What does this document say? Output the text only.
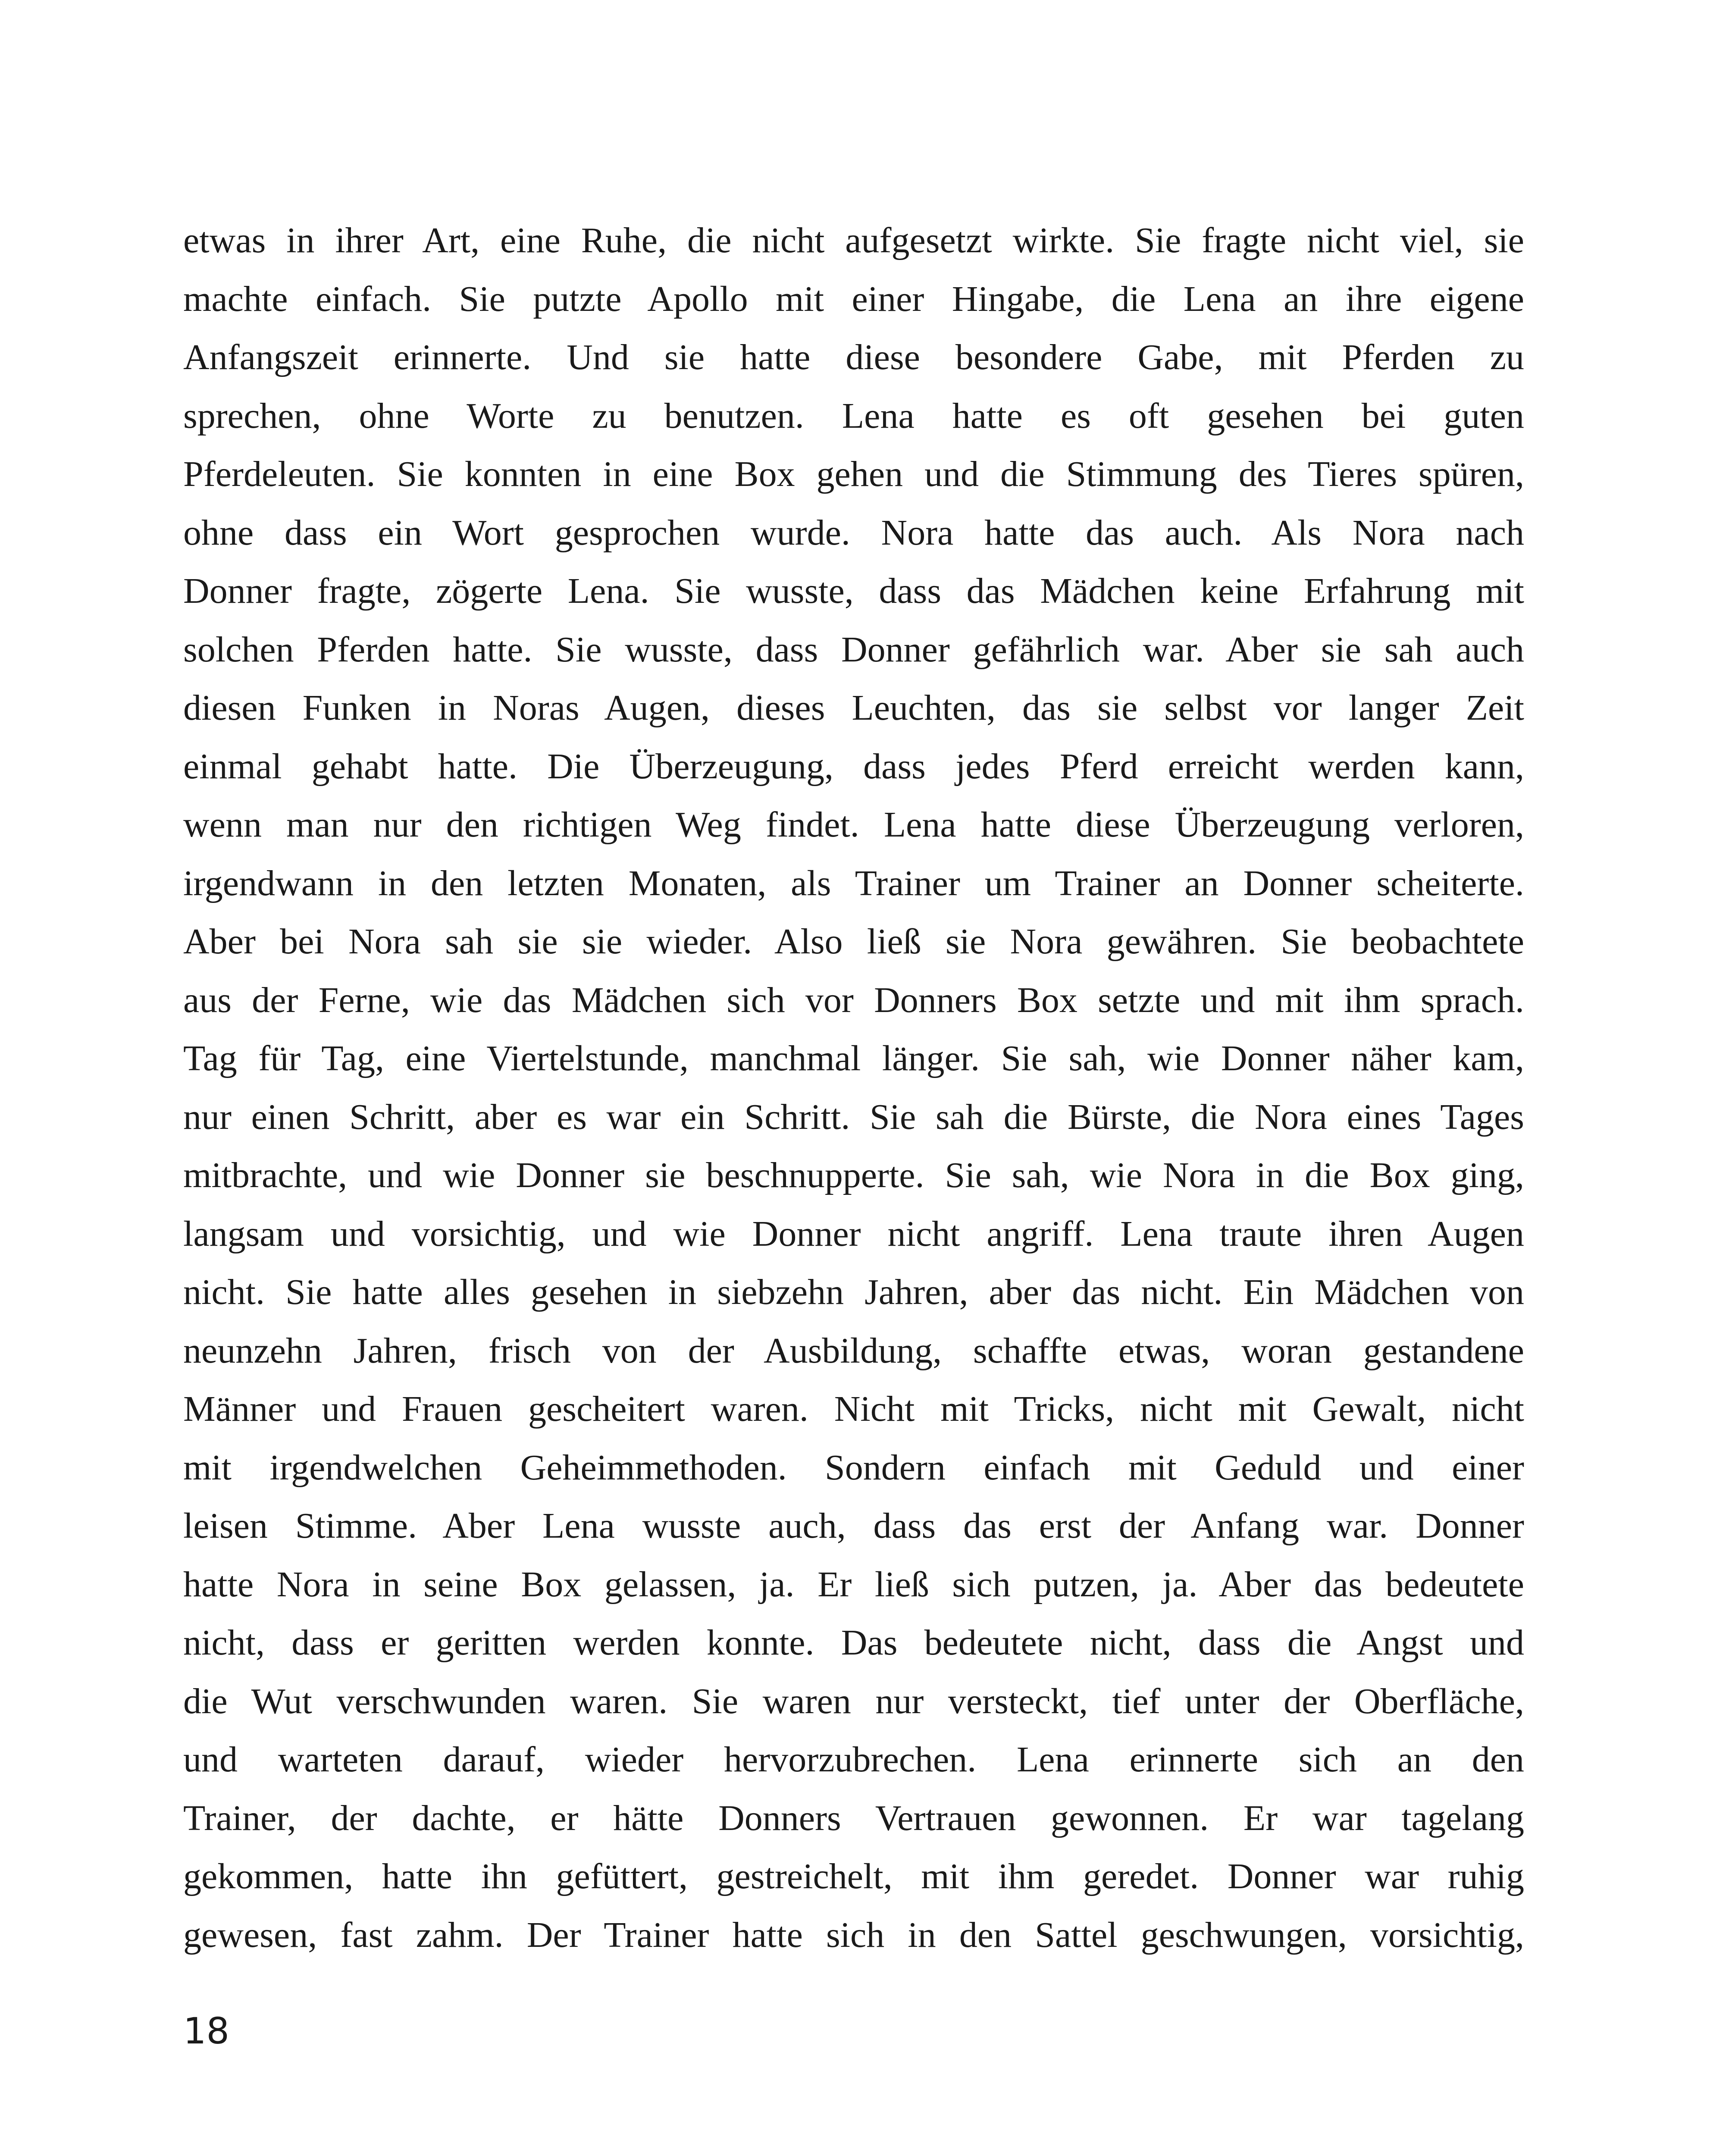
etwas in ihrer Art, eine Ruhe, die nicht aufgesetzt wirkte. Sie fragte nicht viel, sie
machte einfach. Sie putzte Apollo mit einer Hingabe, die Lena an ihre eigene
Anfangszeit erinnerte. Und sie hatte diese besondere Gabe, mit Pferden zu
sprechen, ohne Worte zu benutzen. Lena hatte es oft gesehen bei guten
Pferdeleuten. Sie konnten in eine Box gehen und die Stimmung des Tieres spüren,
ohne dass ein Wort gesprochen wurde. Nora hatte das auch. Als Nora nach
Donner fragte, zögerte Lena. Sie wusste, dass das Mädchen keine Erfahrung mit
solchen Pferden hatte. Sie wusste, dass Donner gefährlich war. Aber sie sah auch
diesen Funken in Noras Augen, dieses Leuchten, das sie selbst vor langer Zeit
einmal gehabt hatte. Die Überzeugung, dass jedes Pferd erreicht werden kann,
wenn man nur den richtigen Weg findet. Lena hatte diese Überzeugung verloren,
irgendwann in den letzten Monaten, als Trainer um Trainer an Donner scheiterte.
Aber bei Nora sah sie sie wieder. Also ließ sie Nora gewähren. Sie beobachtete
aus der Ferne, wie das Mädchen sich vor Donners Box setzte und mit ihm sprach.
Tag für Tag, eine Viertelstunde, manchmal länger. Sie sah, wie Donner näher kam,
nur einen Schritt, aber es war ein Schritt. Sie sah die Bürste, die Nora eines Tages
mitbrachte, und wie Donner sie beschnupperte. Sie sah, wie Nora in die Box ging,
langsam und vorsichtig, und wie Donner nicht angriff. Lena traute ihren Augen
nicht. Sie hatte alles gesehen in siebzehn Jahren, aber das nicht. Ein Mädchen von
neunzehn Jahren, frisch von der Ausbildung, schaffte etwas, woran gestandene
Männer und Frauen gescheitert waren. Nicht mit Tricks, nicht mit Gewalt, nicht
mit irgendwelchen Geheimmethoden. Sondern einfach mit Geduld und einer
leisen Stimme. Aber Lena wusste auch, dass das erst der Anfang war. Donner
hatte Nora in seine Box gelassen, ja. Er ließ sich putzen, ja. Aber das bedeutete
nicht, dass er geritten werden konnte. Das bedeutete nicht, dass die Angst und
die Wut verschwunden waren. Sie waren nur versteckt, tief unter der Oberfläche,
und warteten darauf, wieder hervorzubrechen. Lena erinnerte sich an den
Trainer, der dachte, er hätte Donners Vertrauen gewonnen. Er war tagelang
gekommen, hatte ihn gefüttert, gestreichelt, mit ihm geredet. Donner war ruhig
gewesen, fast zahm. Der Trainer hatte sich in den Sattel geschwungen, vorsichtig,
18
